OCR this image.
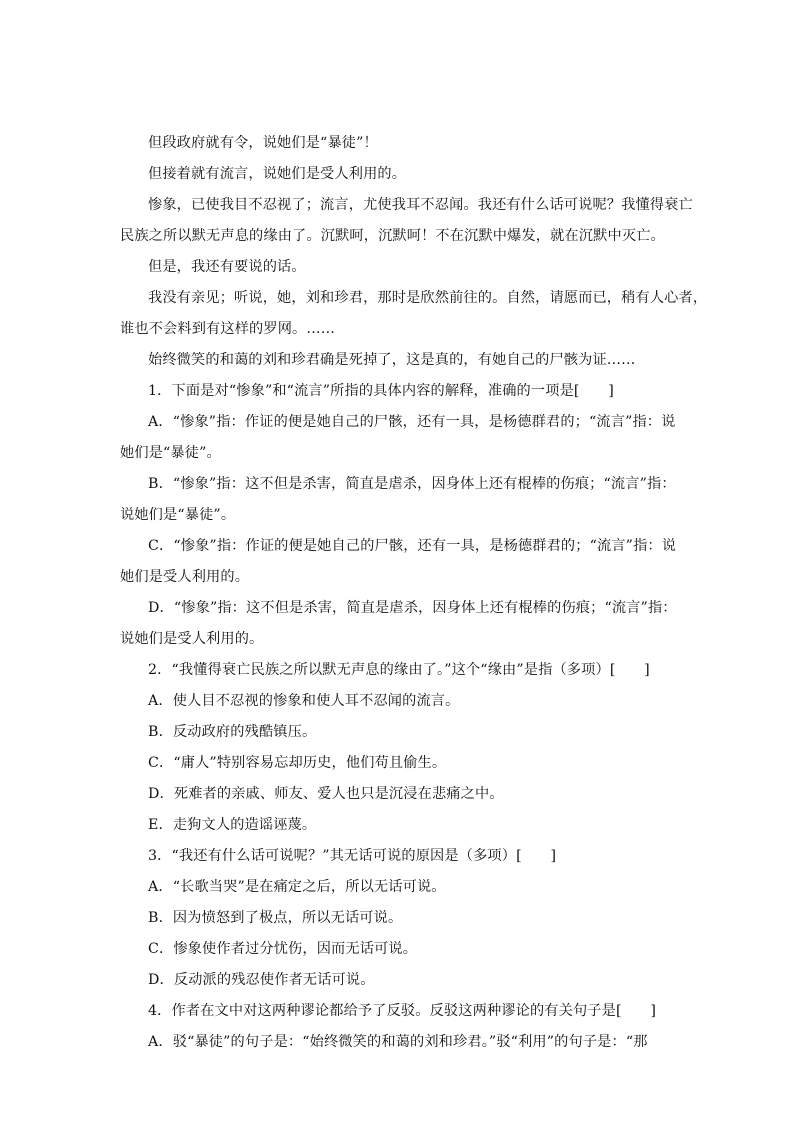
但段政府就有令，说她们是“暴徒”！
但接着就有流言，说她们是受人利用的。
惨象，已使我目不忍视了；流言，尤使我耳不忍闻。我还有什么话可说呢？我懂得衰亡
民族之所以默无声息的缘由了。沉默呵，沉默呵！不在沉默中爆发，就在沉默中灭亡。
但是，我还有要说的话。
我没有亲见；听说，她，刘和珍君，那时是欣然前往的。自然，请愿而已，稍有人心者，
谁也不会料到有这样的罗网。……
始终微笑的和蔼的刘和珍君确是死掉了，这是真的，有她自己的尸骸为证……
1．下面是对“惨象”和“流言”所指的具体内容的解释，准确的一项是[　　]
A．“惨象”指：作证的便是她自己的尸骸，还有一具，是杨德群君的；“流言”指：说
她们是“暴徒”。
B．“惨象”指：这不但是杀害，简直是虐杀，因身体上还有棍棒的伤痕；“流言”指：
说她们是“暴徒”。
C．“惨象”指：作证的便是她自己的尸骸，还有一具，是杨德群君的；“流言”指：说
她们是受人利用的。
D．“惨象”指：这不但是杀害，简直是虐杀，因身体上还有棍棒的伤痕；“流言”指：
说她们是受人利用的。
2．“我懂得衰亡民族之所以默无声息的缘由了。”这个“缘由”是指（多项）[　　]
A．使人目不忍视的惨象和使人耳不忍闻的流言。
B．反动政府的残酷镇压。
C．“庸人”特别容易忘却历史，他们苟且偷生。
D．死难者的亲戚、师友、爱人也只是沉浸在悲痛之中。
E．走狗文人的造谣诬蔑。
3．“我还有什么话可说呢？”其无话可说的原因是（多项）[　　]
A．“长歌当哭”是在痛定之后，所以无话可说。
B．因为愤怒到了极点，所以无话可说。
C．惨象使作者过分忧伤，因而无话可说。
D．反动派的残忍使作者无话可说。
4．作者在文中对这两种谬论都给予了反驳。反驳这两种谬论的有关句子是[　　]
A．驳“暴徒”的句子是：“始终微笑的和蔼的刘和珍君。”驳“利用”的句子是：“那
